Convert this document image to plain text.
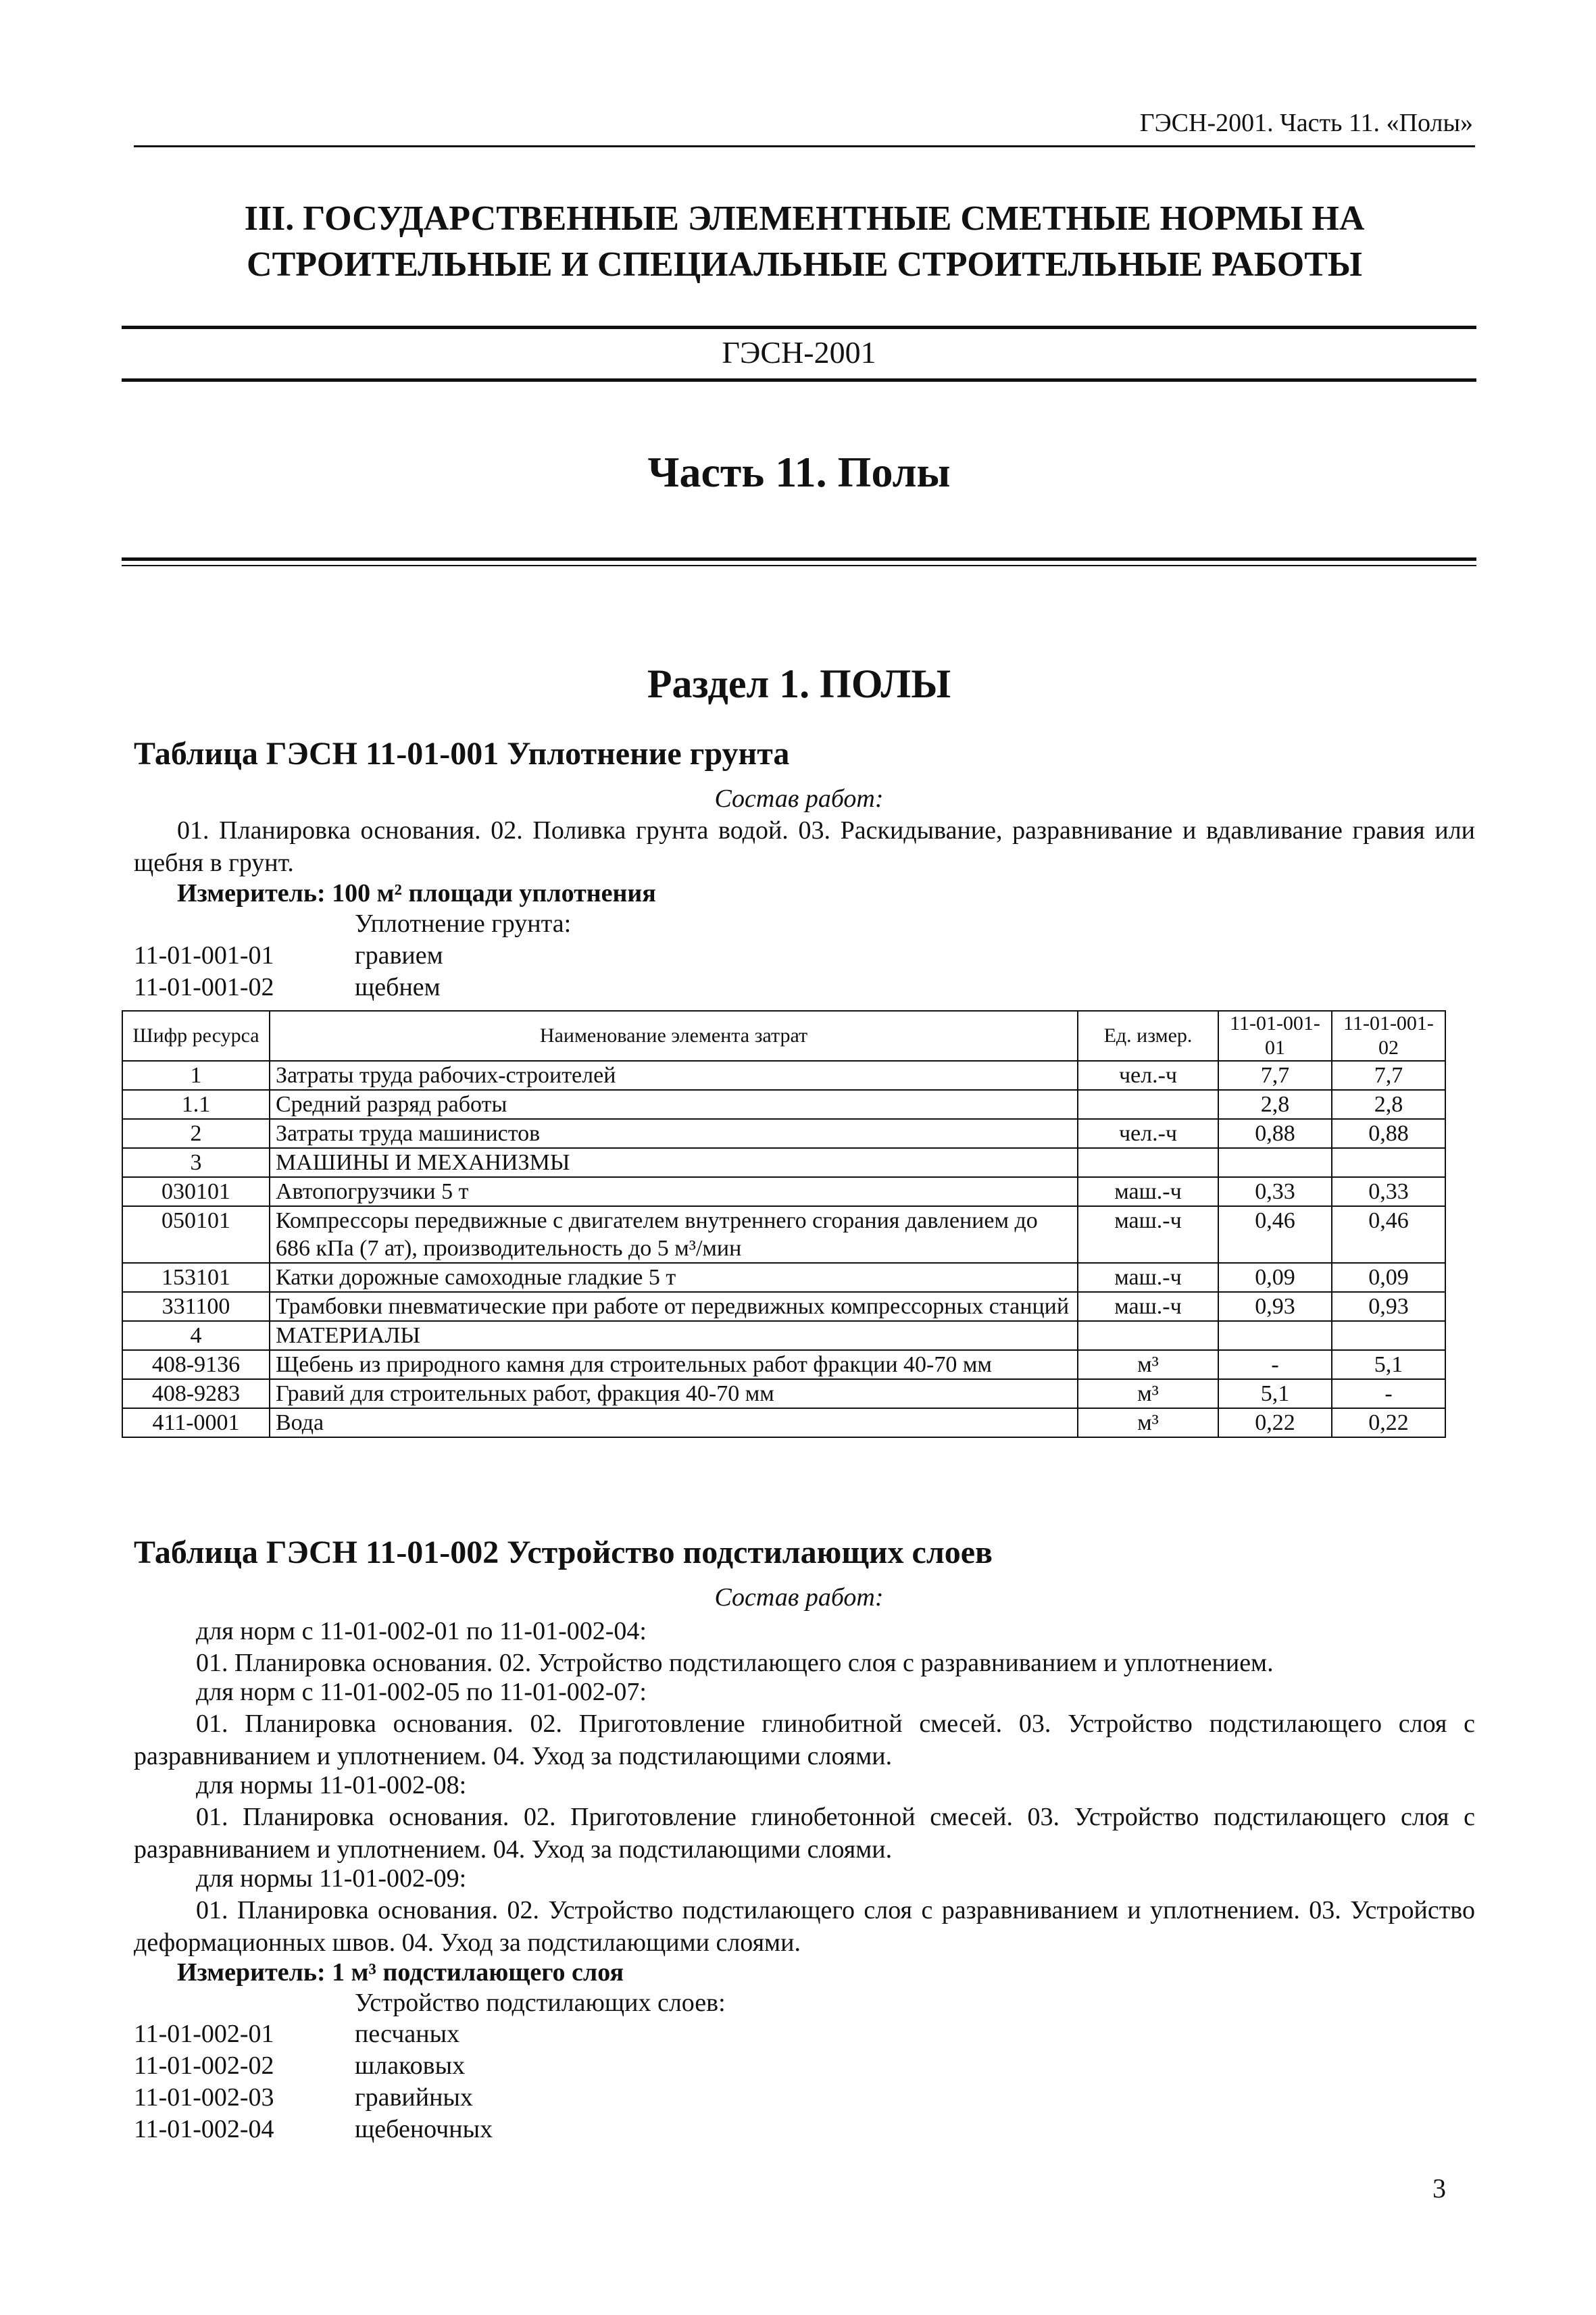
ГЭСН-2001. Часть 11. «Полы»
III. ГОСУДАРСТВЕННЫЕ ЭЛЕМЕНТНЫЕ СМЕТНЫЕ НОРМЫ НА
СТРОИТЕЛЬНЫЕ И СПЕЦИАЛЬНЫЕ СТРОИТЕЛЬНЫЕ РАБОТЫ
ГЭСН-2001
Часть 11. Полы
Раздел 1. ПОЛЫ
Таблица ГЭСН 11-01-001 Уплотнение грунта
Состав работ:
01. Планировка основания. 02. Поливка грунта водой. 03. Раскидывание, разравнивание и вдавливание гравия или щебня в грунт.
Измеритель: 100 м² площади уплотнения
Уплотнение грунта:
11-01-001-01	гравием
11-01-001-02	щебнем
Шифр ресурса	Наименование элемента затрат	Ед. измер.	11-01-001-01	11-01-001-02
1	Затраты труда рабочих-строителей	чел.-ч	7,7	7,7
1.1	Средний разряд работы		2,8	2,8
2	Затраты труда машинистов	чел.-ч	0,88	0,88
3	МАШИНЫ И МЕХАНИЗМЫ			
030101	Автопогрузчики 5 т	маш.-ч	0,33	0,33
050101	Компрессоры передвижные с двигателем внутреннего сгорания давлением до 686 кПа (7 ат), производительность до 5 м³/мин	маш.-ч	0,46	0,46
153101	Катки дорожные самоходные гладкие 5 т	маш.-ч	0,09	0,09
331100	Трамбовки пневматические при работе от передвижных компрессорных станций	маш.-ч	0,93	0,93
4	МАТЕРИАЛЫ			
408-9136	Щебень из природного камня для строительных работ фракции 40-70 мм	м³	-	5,1
408-9283	Гравий для строительных работ, фракция 40-70 мм	м³	5,1	-
411-0001	Вода	м³	0,22	0,22
Таблица ГЭСН 11-01-002 Устройство подстилающих слоев
Состав работ:
для норм с 11-01-002-01 по 11-01-002-04:
01. Планировка основания. 02. Устройство подстилающего слоя с разравниванием и уплотнением.
для норм с 11-01-002-05 по 11-01-002-07:
01. Планировка основания. 02. Приготовление глинобитной смесей. 03. Устройство подстилающего слоя с разравниванием и уплотнением. 04. Уход за подстилающими слоями.
для нормы 11-01-002-08:
01. Планировка основания. 02. Приготовление глинобетонной смесей. 03. Устройство подстилающего слоя с разравниванием и уплотнением. 04. Уход за подстилающими слоями.
для нормы 11-01-002-09:
01. Планировка основания. 02. Устройство подстилающего слоя с разравниванием и уплотнением. 03. Устройство деформационных швов. 04. Уход за подстилающими слоями.
Измеритель: 1 м³ подстилающего слоя
Устройство подстилающих слоев:
11-01-002-01	песчаных
11-01-002-02	шлаковых
11-01-002-03	гравийных
11-01-002-04	щебеночных
3
